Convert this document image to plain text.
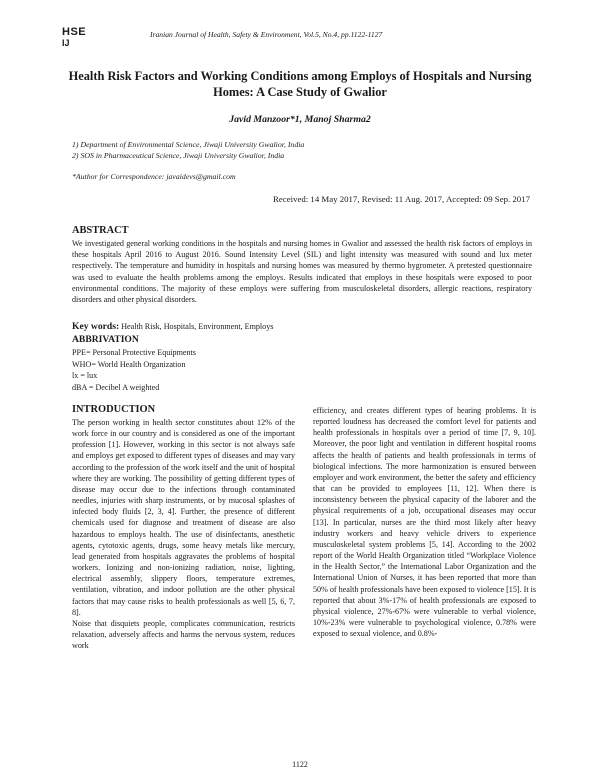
HSE
IJ
Iranian Journal of Health, Safety & Environment, Vol.5, No.4, pp.1122-1127
Health Risk Factors and Working Conditions among Employs of Hospitals and Nursing Homes: A Case Study of Gwalior
Javid Manzoor*1, Manoj Sharma2
1) Department of Environmental Science, Jiwaji University Gwalior, India
2) SOS in Pharmaceutical Science, Jiwaji University Gwalior, India
*Author for Correspondence: javaidevs@gmail.com
Received: 14 May 2017, Revised: 11 Aug. 2017, Accepted: 09 Sep. 2017
ABSTRACT
We investigated general working conditions in the hospitals and nursing homes in Gwalior and assessed the health risk factors of employs in these hospitals April 2016 to August 2016. Sound Intensity Level (SIL) and light intensity was measured with sound and lux meter respectively. The temperature and humidity in hospitals and nursing homes was measured by thermo hygrometer. A pretested questionnaire was used to evaluate the health problems among the employs. Results indicated that employs in these hospitals were exposed to poor environmental conditions. The majority of these employs were suffering from musculoskeletal disorders, allergic reactions, respiratory disorders and other physical disorders.
Key words: Health Risk, Hospitals, Environment, Employs
ABBRIVATION
PPE= Personal Protective Equipments
WHO= World Health Organization
lx = lux
dBA = Decibel A weighted
INTRODUCTION

The person working in health sector constitutes about 12% of the work force in our country and is considered as one of the important profession [1]. However, working in this sector is not always safe and employs get exposed to different types of diseases and may vary according to the profession of the work itself and the unit of hospital where they are working. The possibility of getting different types of disease may occur due to the infections through contaminated needles, injuries with sharp instruments, or by mucosal splashes of infected body fluids [2, 3, 4]. Further, the presence of different chemicals used for diagnose and treatment of disease are also hazardous to employs health. The use of disinfectants, anesthetic agents, cytotoxic agents, drugs, some heavy metals like mercury, lead generated from hospitals aggravates the problems of hospital workers. Ionizing and non-ionizing radiation, noise, lighting, electrical assembly, slippery floors, temperature extremes, ventilation, vibration, and indoor pollution are the other physical factors that may cause risks to health professionals as well [5, 6, 7, 8].

Noise that disquiets people, complicates communication, restricts relaxation, adversely affects and harms the nervous system, reduces work

efficiency, and creates different types of hearing problems. It is reported loudness has decreased the comfort level for patients and health professionals in hospitals over a period of time [7, 9, 10]. Moreover, the poor light and ventilation in different hospital rooms affects the health of patients and health professionals in terms of biological infections. The more harmonization is ensured between employer and work environment, the better the safety and efficiency that can be provided to employees [11, 12]. When there is inconsistency between the physical capacity of the laborer and the physical requirements of a job, occupational diseases may occur [13]. In particular, nurses are the third most likely after heavy industry workers and heavy vehicle drivers to experience musculoskeletal system problems [5, 14]. According to the 2002 report of the World Health Organization titled “Workplace Violence in the Health Sector,” the International Labor Organization and the International Union of Nurses, it has been reported that more than 50% of health professionals have been exposed to violence [15]. It is reported that about 3%-17% of health professionals are exposed to physical violence, 27%-67% were vulnerable to verbal violence, 10%-23% were vulnerable to psychological violence, 0.78% were exposed to sexual violence, and 0.8%-

1122
